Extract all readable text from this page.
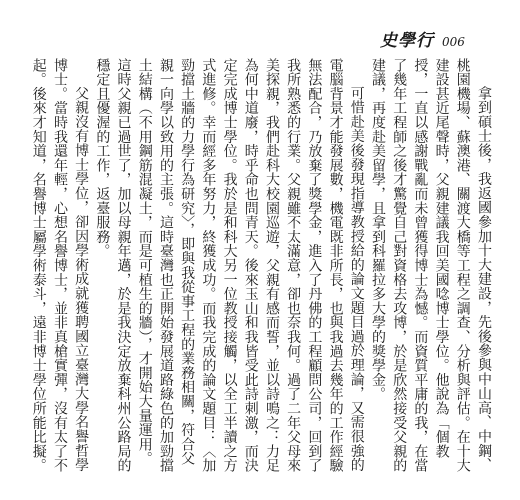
史學行 006

拿到碩士後，我返國參加十大建設，先後參與中山高、中鋼、桃園機場、蘇澳港、關渡大橋等工程之調查、分析與評估。在十大建設甚近尾聲時，父親建議我回美國唸博士學位。他說為「個教授，一直以感謝戰亂而未曾獲得博士為憾。而資質平庸的我，在當了幾年工程師之後才驚覺自己對資格去攻博，於是欣然接受父親的建議，再度赴美留學，且拿到科羅拉多大學的獎學金。

可惜赴美後發現指導教授給的論文題目過於理論，又需很強的電腦背景才能發展數，機電既非所長，也與我過去幾年的工作經驗無法配合，乃放棄了獎學金，進入了丹佛的工程顧問公司，回到了我所熟悉的行業。父親雖不太滿意，卻也奈我何。過了二年父母來美探親，我們赴科大校園巡遊，父親有感而誓，並以詩鳴之：力足為何中道廢，時乎命也問青天。後來玉山和我皆受此詩刺激，而決定完成博士學位。我於是和科大另一位教授接觸，以全工半讀之方式進修。幸而經多年努力，終獲成功。而我完成的論文題目：〈加勁擋土牆的力學行為研究〉，即與我從事工程的業務相關，符合父親一向學以致用的主張。這時臺灣也正開始發展道路綠色的加勁擋土結構（不用鋼筋混凝土，而是可植生的牆），才開始大量運用。這時父親已過世了，加以母親年邁，於是我決定放棄科州公路局的穩定且優渥的工作，返臺服務。

父親沒有博士學位，卻因學術成就獲聘國立臺灣大學名譽哲學博士。當時我還年輕，心想名譽博士，並非真槍實彈，沒有太了不起。後來才知道，名譽博士屬學術泰斗，遠非博士學位所能比擬。
